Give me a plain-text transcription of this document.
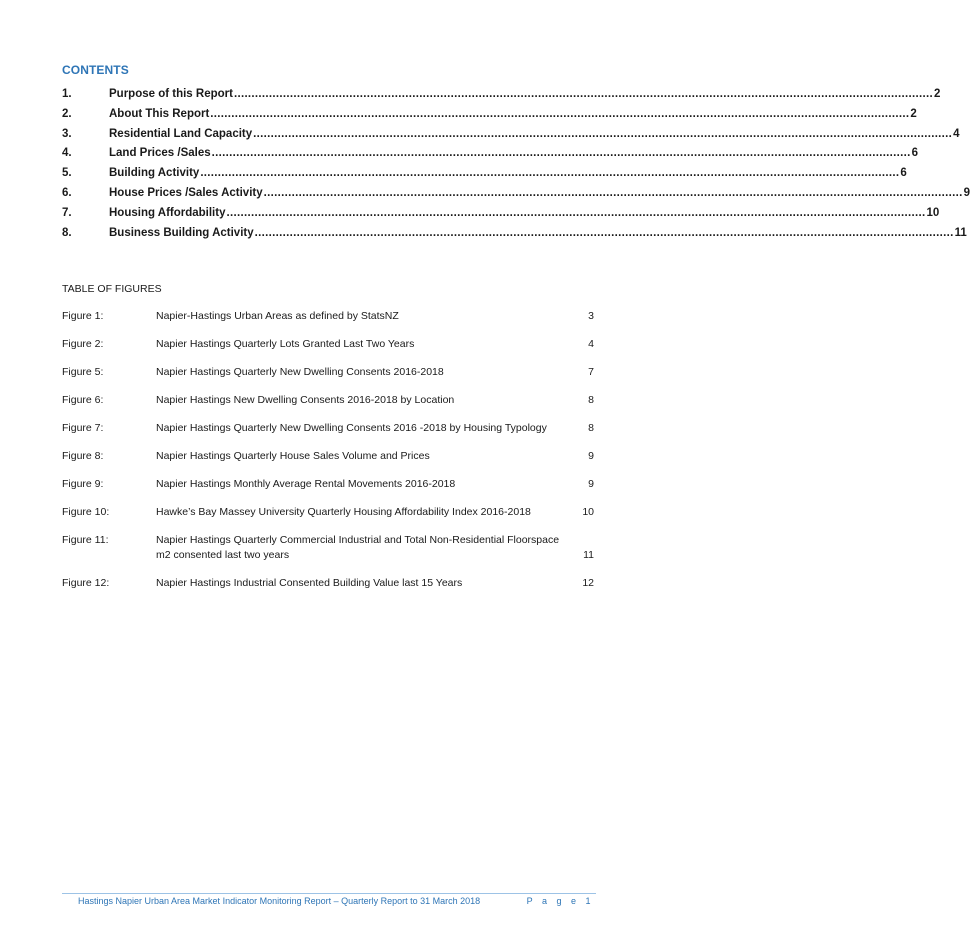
CONTENTS
1.	Purpose of this Report ........................................................................................................................................................................................................ 2
2.	About This Report ........................................................................................................................................................................................................ 2
3.	Residential Land Capacity ........................................................................................................................................................................................................ 4
4.	Land Prices /Sales ........................................................................................................................................................................................................ 6
5.	Building Activity ........................................................................................................................................................................................................ 6
6.	House Prices /Sales Activity ........................................................................................................................................................................................................ 9
7.	Housing Affordability ........................................................................................................................................................................................................ 10
8.	Business Building Activity ........................................................................................................................................................................................................ 11
TABLE OF FIGURES
Figure 1:	Napier-Hastings Urban Areas as defined by StatsNZ	3
Figure 2:	Napier Hastings Quarterly Lots Granted Last Two Years	4
Figure 5:	Napier Hastings Quarterly New Dwelling Consents 2016-2018	7
Figure 6:	Napier Hastings New Dwelling Consents 2016-2018 by Location	8
Figure 7:	Napier Hastings Quarterly New Dwelling Consents 2016 -2018 by Housing Typology	8
Figure 8:	Napier Hastings Quarterly House Sales Volume and Prices	9
Figure 9:	Napier Hastings Monthly Average Rental Movements 2016-2018	9
Figure 10:	Hawke’s Bay Massey University Quarterly Housing Affordability Index 2016-2018	10
Figure 11:	Napier Hastings Quarterly Commercial Industrial and Total Non-Residential Floorspace m2 consented last two years	11
Figure 12:	Napier Hastings Industrial Consented Building Value last 15 Years	12
Hastings Napier Urban Area Market Indicator Monitoring Report – Quarterly Report to 31 March 2018	P a g e 1
